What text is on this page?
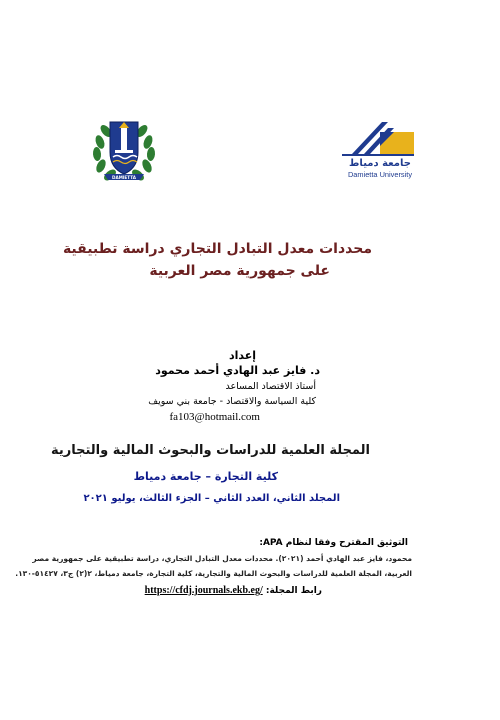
DAMIETTA
جامعة دمياط
Damietta University
محددات معدل التبادل التجاري دراسة تطبيقية
على جمهورية مصر العربية
إعداد
د. فايز عبد الهادي أحمد محمود
أستاذ الاقتصاد المساعد
كلية السياسة والاقتصاد - جامعة بني سويف
fa103@hotmail.com
المجلة العلمية للدراسات والبحوث المالية والتجارية
كلية التجارة – جامعة دمياط
المجلد الثاني، العدد الثاني – الجزء الثالث، يوليو ٢٠٢١
التوثيق المقترح وفقا لنظام APA:
محمود، فايز عبد الهادي أحمد (٢٠٢١). محددات معدل التبادل التجاري، دراسة تطبيقية على جمهورية مصر
العربية، المجلة العلمية للدراسات والبحوث المالية والتجارية، كلية التجارة، جامعة دمياط، ٢(٢) ج٣، ٥١٤٢٧-١٣٠.
رابط المجلة: https://cfdj.journals.ekb.eg/
